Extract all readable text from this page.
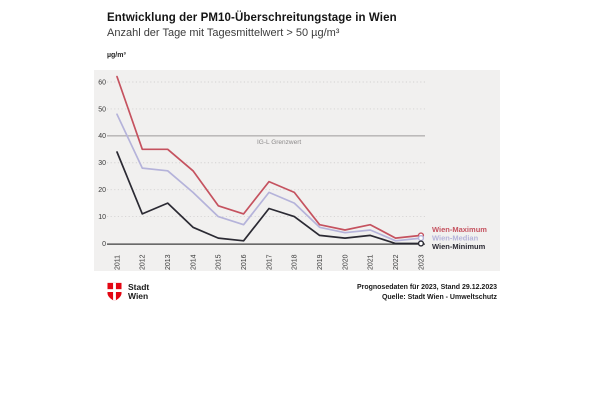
Entwicklung der PM10-Überschreitungstage in Wien
Anzahl der Tage mit Tagesmittelwert > 50 µg/m³
µg/m³
0
10
20
30
40
50
60
IG-L Grenzwert
2011	2012	2013	2014	2015	2016	2017	2018	2019	2020	2021	2022	2023
Wien-Maximum
Wien-Median
Wien-Minimum
Stadt
Wien
Prognosedaten für 2023, Stand 29.12.2023
Quelle: Stadt Wien - Umweltschutz
